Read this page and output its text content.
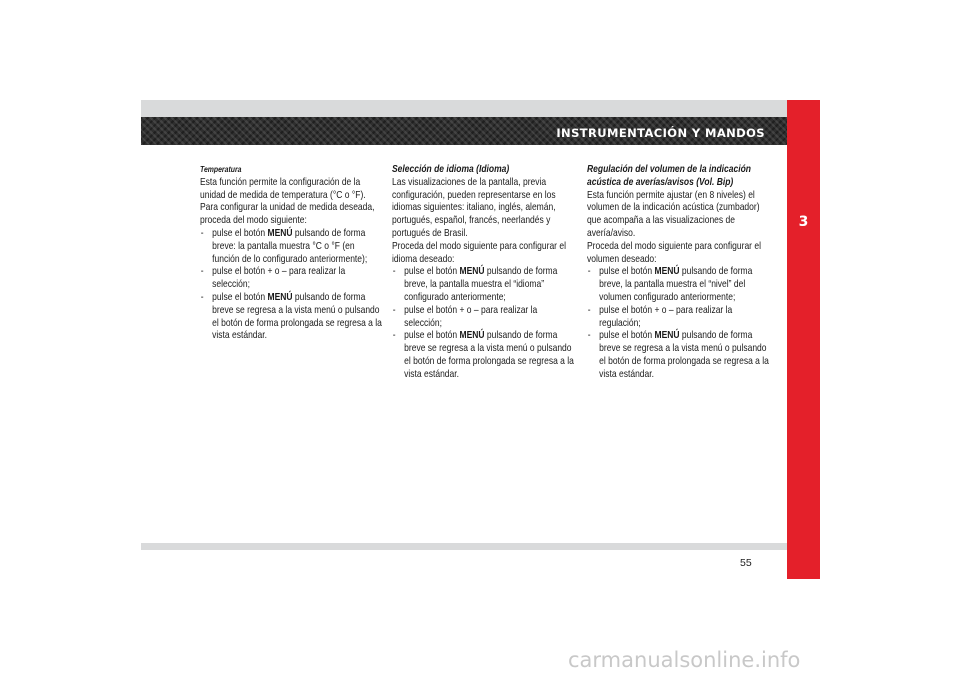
INSTRUMENTACIÓN Y MANDOS
3
Temperatura

Esta función permite la configuración de la unidad de medida de temperatura (°C o °F).

Para configurar la unidad de medida deseada, proceda del modo siguiente:

- pulse el botón MENÚ pulsando de forma breve: la pantalla muestra °C o °F (en función de lo configurado anteriormente);
- pulse el botón + o – para realizar la selección;
- pulse el botón MENÚ pulsando de forma breve se regresa a la vista menú o pulsando el botón de forma prolongada se regresa a la vista estándar.
Selección de idioma (Idioma)

Las visualizaciones de la pantalla, previa configuración, pueden representarse en los idiomas siguientes: italiano, inglés, alemán, portugués, español, francés, neerlandés y portugués de Brasil.

Proceda del modo siguiente para configurar el idioma deseado:

- pulse el botón MENÚ pulsando de forma breve, la pantalla muestra el “idioma” configurado anteriormente;
- pulse el botón + o – para realizar la selección;
- pulse el botón MENÚ pulsando de forma breve se regresa a la vista menú o pulsando el botón de forma prolongada se regresa a la vista estándar.
Regulación del volumen de la indicación acústica de averías/avisos (Vol. Bip)

Esta función permite ajustar (en 8 niveles) el volumen de la indicación acústica (zumbador) que acompaña a las visualizaciones de avería/aviso.

Proceda del modo siguiente para configurar el volumen deseado:

- pulse el botón MENÚ pulsando de forma breve, la pantalla muestra el “nivel” del volumen configurado anteriormente;
- pulse el botón + o – para realizar la regulación;
- pulse el botón MENÚ pulsando de forma breve se regresa a la vista menú o pulsando el botón de forma prolongada se regresa a la vista estándar.
55
carmanualsonline.info
